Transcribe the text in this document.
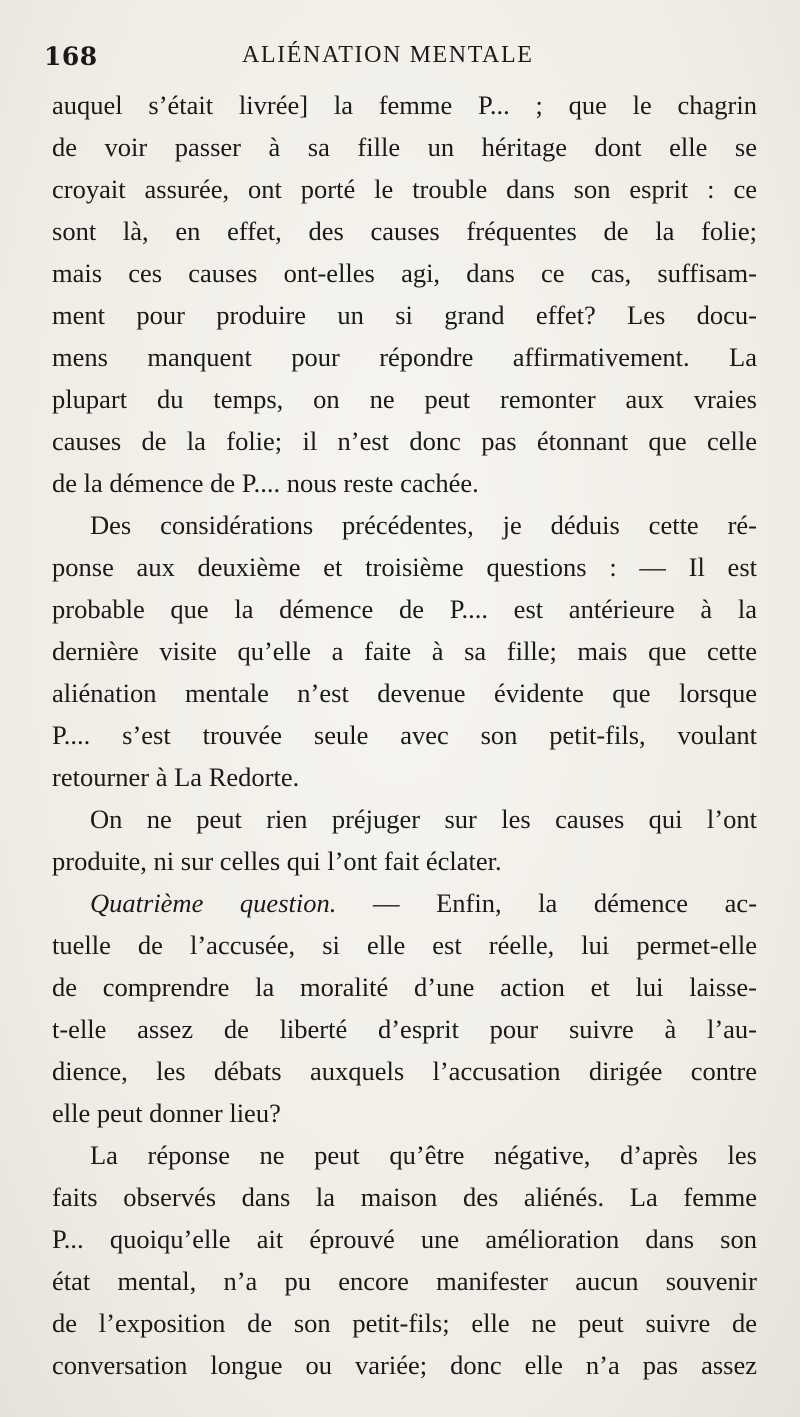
168	ALIÉNATION MENTALE
auquel s’était livrée] la femme P... ; que le chagrin
de voir passer à sa fille un héritage dont elle se
croyait assurée, ont porté le trouble dans son esprit : ce
sont là, en effet, des causes fréquentes de la folie;
mais ces causes ont-elles agi, dans ce cas, suffisam-
ment pour produire un si grand effet? Les docu-
mens manquent pour répondre affirmativement. La
plupart du temps, on ne peut remonter aux vraies
causes de la folie; il n’est donc pas étonnant que celle
de la démence de P.... nous reste cachée.
Des considérations précédentes, je déduis cette ré-
ponse aux deuxième et troisième questions : — Il est
probable que la démence de P.... est antérieure à la
dernière visite qu’elle a faite à sa fille; mais que cette
aliénation mentale n’est devenue évidente que lorsque
P.... s’est trouvée seule avec son petit-fils, voulant
retourner à La Redorte.
On ne peut rien préjuger sur les causes qui l’ont
produite, ni sur celles qui l’ont fait éclater.
Quatrième question. — Enfin, la démence ac-
tuelle de l’accusée, si elle est réelle, lui permet-elle
de comprendre la moralité d’une action et lui laisse-
t-elle assez de liberté d’esprit pour suivre à l’au-
dience, les débats auxquels l’accusation dirigée contre
elle peut donner lieu?
La réponse ne peut qu’être négative, d’après les
faits observés dans la maison des aliénés. La femme
P... quoiqu’elle ait éprouvé une amélioration dans son
état mental, n’a pu encore manifester aucun souvenir
de l’exposition de son petit-fils; elle ne peut suivre de
conversation longue ou variée; donc elle n’a pas assez
